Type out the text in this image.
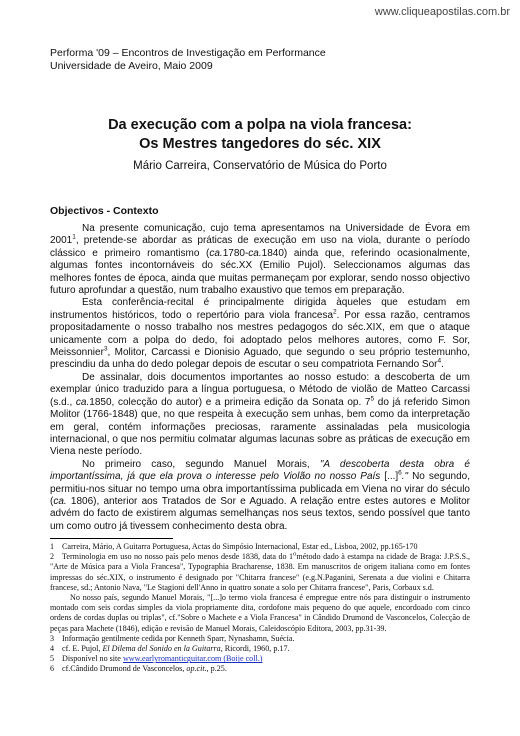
www.cliqueapostilas.com.br
Performa '09 – Encontros de Investigação em Performance
Universidade de Aveiro, Maio 2009
Da execução com a polpa na viola francesa:
Os Mestres tangedores do séc. XIX
Mário Carreira, Conservatório de Música do Porto
Objectivos - Contexto

Na presente comunicação, cujo tema apresentamos na Universidade de Évora em 2001$^1$, pretende-se abordar as práticas de execução em uso na viola, durante o período clássico e primeiro romantismo (ca.1780-ca.1840) ainda que, referindo ocasionalmente, algumas fontes incontornáveis do séc.XX (Emilio Pujol). Seleccionamos algumas das melhores fontes de época, ainda que muitas permaneçam por explorar, sendo nosso objectivo futuro aprofundar a questão, num trabalho exaustivo que temos em preparação.

Esta conferência-recital é principalmente dirigida àqueles que estudam em instrumentos históricos, todo o repertório para viola francesa$^2$. Por essa razão, centramos propositadamente o nosso trabalho nos mestres pedagogos do séc.XIX, em que o ataque unicamente com a polpa do dedo, foi adoptado pelos melhores autores, como F. Sor, Meissonnier$^3$, Molitor, Carcassi e Dionisio Aguado, que segundo o seu próprio testemunho, prescindiu da unha do dedo polegar depois de escutar o seu compatriota Fernando Sor$^4$.

De assinalar, dois documentos importantes ao nosso estudo: a descoberta de um exemplar único traduzido para a língua portuguesa, o Método de violão de Matteo Carcassi (s.d., ca.1850, colecção do autor) e a primeira edição da Sonata op. $7^5$ do já referido Simon Molitor (1766-1848) que, no que respeita à execução sem unhas, bem como da interpretação em geral, contém informações preciosas, raramente assinaladas pela musicologia internacional, o que nos permitiu colmatar algumas lacunas sobre as práticas de execução em Viena neste período.

No primeiro caso, segundo Manuel Morais, "A descoberta desta obra é importantíssima, já que ela prova o interesse pelo Violão no nosso País [...]$^6$." No segundo, permitiu-nos situar no tempo uma obra importantíssima publicada em Viena no virar do século (ca. 1806), anterior aos Tratados de Sor e Aguado. A relação entre estes autores e Molitor advém do facto de existirem algumas semelhanças nos seus textos, sendo possível que tanto um como outro já tivessem conhecimento desta obra.

1 Carreira, Mário, A Guitarra Portuguesa, Actas do Simpósio Internacional, Estar ed., Lisboa, 2002, pp.165-170

2 Terminologia em uso no nosso país pelo menos desde 1838, data do 1$^o$método dado à estampa na cidade de Braga: J.P.S.S., "Arte de Música para a Viola Francesa", Typographia Bracharense, 1838. Em manuscritos de origem italiana como em fontes impressas do séc.XIX, o instrumento é designado por "Chitarra francese" (e.g.N.Paganini, Serenata a due violini e Chitarra francese, sd.; Antonio Nava, "Le Stagioni dell'Anno in quattro sonate a solo per Chitarra francese", Paris, Corbaux s.d.

No nosso país, segundo Manuel Morais, "[...]o termo viola francesa é empregue entre nós para distinguir o instrumento montado com seis cordas simples da viola propriamente dita, cordofone mais pequeno do que aquele, encordoado com cinco ordens de cordas duplas ou triplas", cf."Sobre o Machete e a Viola Francesa" in Cândido Drumond de Vasconcelos, Colecção de peças para Machete (1846), edição e revisão de Manuel Morais, Caleidoscópio Editora, 2003, pp.31-39.

3 Informação gentilmente cedida por Kenneth Sparr, Nynashamn, Suécia.

4 cf. E. Pujol, El Dilema del Sonido en la Guitarra, Ricordi, 1960, p.17.

5 Disponível no site www.earlyromanticguitar.com (Boije coll.)

6 cf.Cândido Drumond de Vasconcelos, op.cit., p.25.
